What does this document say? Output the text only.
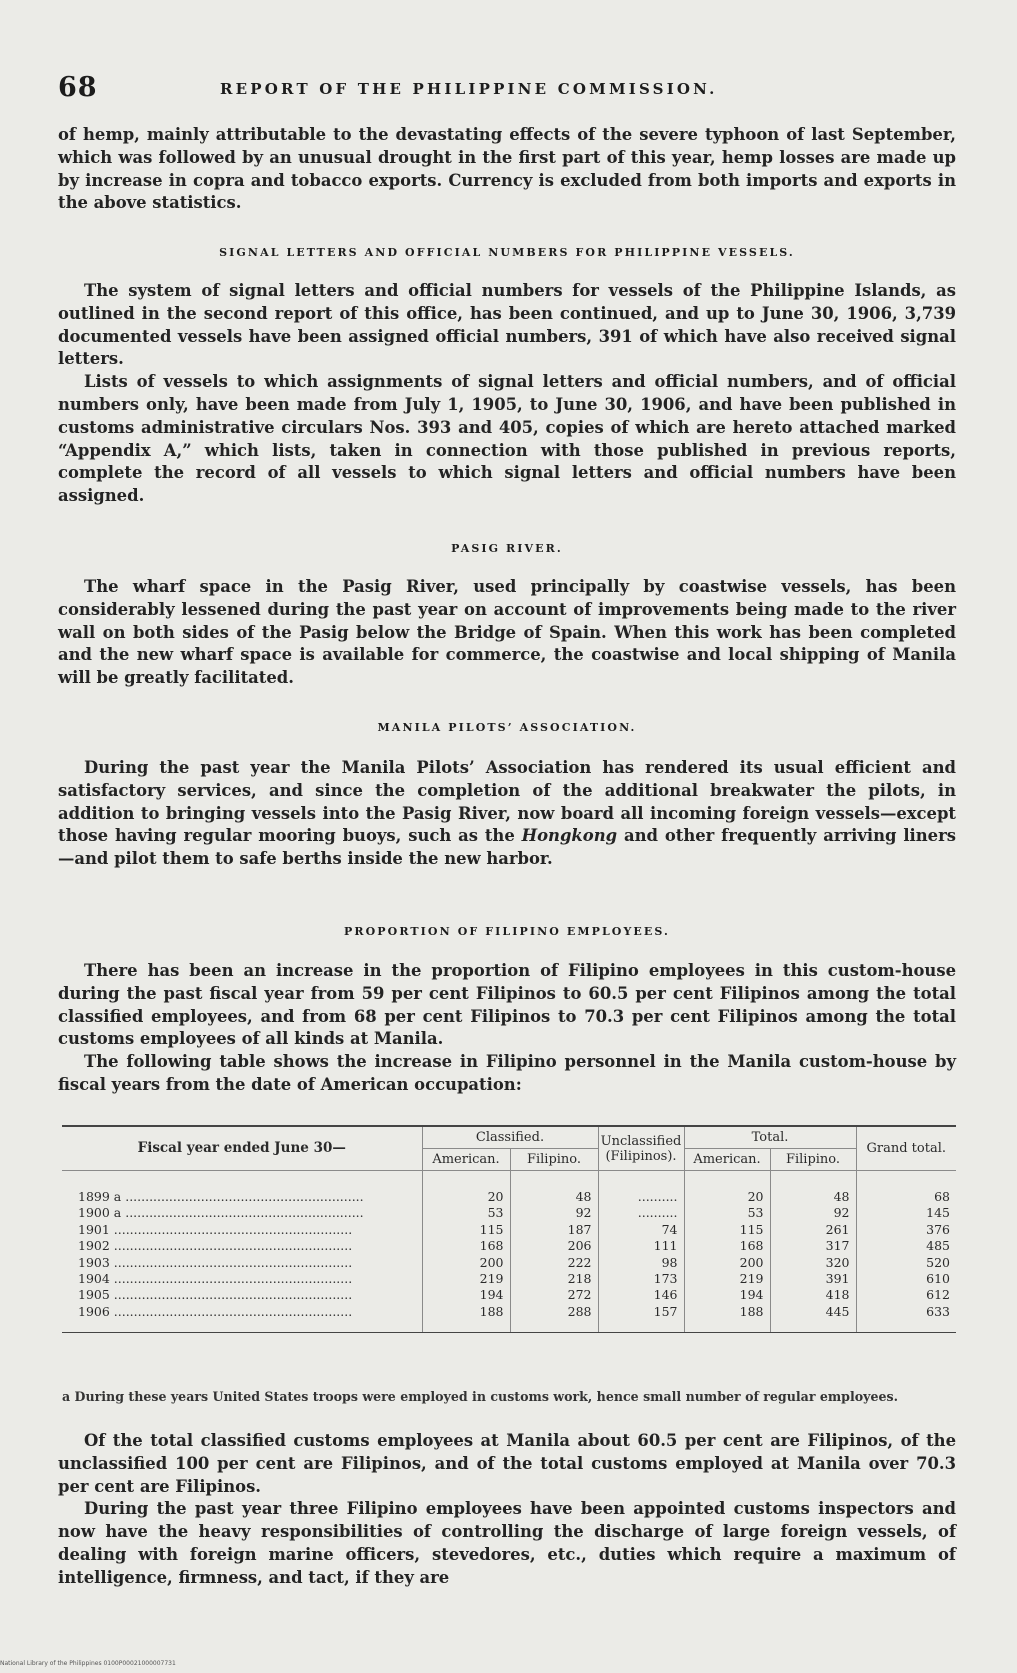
68	REPORT OF THE PHILIPPINE COMMISSION.

of hemp, mainly attributable to the devastating effects of the severe typhoon of last September, which was followed by an unusual drought in the first part of this year, hemp losses are made up by increase in copra and tobacco exports. Currency is excluded from both imports and exports in the above statistics.

SIGNAL LETTERS AND OFFICIAL NUMBERS FOR PHILIPPINE VESSELS.

The system of signal letters and official numbers for vessels of the Philippine Islands, as outlined in the second report of this office, has been continued, and up to June 30, 1906, 3,739 documented vessels have been assigned official numbers, 391 of which have also received signal letters.

Lists of vessels to which assignments of signal letters and official numbers, and of official numbers only, have been made from July 1, 1905, to June 30, 1906, and have been published in customs administrative circulars Nos. 393 and 405, copies of which are hereto attached marked “Appendix A,” which lists, taken in connection with those published in previous reports, complete the record of all vessels to which signal letters and official numbers have been assigned.

PASIG RIVER.

The wharf space in the Pasig River, used principally by coastwise vessels, has been considerably lessened during the past year on account of improvements being made to the river wall on both sides of the Pasig below the Bridge of Spain. When this work has been completed and the new wharf space is available for commerce, the coastwise and local shipping of Manila will be greatly facilitated.

MANILA PILOTS’ ASSOCIATION.

During the past year the Manila Pilots’ Association has rendered its usual efficient and satisfactory services, and since the completion of the additional breakwater the pilots, in addition to bringing vessels into the Pasig River, now board all incoming foreign vessels—except those having regular mooring buoys, such as the Hongkong and other frequently arriving liners—and pilot them to safe berths inside the new harbor.

PROPORTION OF FILIPINO EMPLOYEES.

There has been an increase in the proportion of Filipino employees in this custom-house during the past fiscal year from 59 per cent Filipinos to 60.5 per cent Filipinos among the total classified employees, and from 68 per cent Filipinos to 70.3 per cent Filipinos among the total customs employees of all kinds at Manila.

The following table shows the increase in Filipino personnel in the Manila custom-house by fiscal years from the date of American occupation:

Fiscal year ended June 30—	Classified.		Unclassified (Filipinos).	Total.		Grand total.
	American.	Filipino.		American.	Filipino.	
1899 a ............................................................	20	48	..........	20	48	68
1900 a ............................................................	53	92	..........	53	92	145
1901 ............................................................	115	187	74	115	261	376
1902 ............................................................	168	206	111	168	317	485
1903 ............................................................	200	222	98	200	320	520
1904 ............................................................	219	218	173	219	391	610
1905 ............................................................	194	272	146	194	418	612
1906 ............................................................	188	288	157	188	445	633
a During these years United States troops were employed in customs work, hence small number of regular employees.

Of the total classified customs employees at Manila about 60.5 per cent are Filipinos, of the unclassified 100 per cent are Filipinos, and of the total customs employed at Manila over 70.3 per cent are Filipinos.

During the past year three Filipino employees have been appointed customs inspectors and now have the heavy responsibilities of controlling the discharge of large foreign vessels, of dealing with foreign marine officers, stevedores, etc., duties which require a maximum of intelligence, firmness, and tact, if they are

National Library of the Philippines 0100P00021000007731
